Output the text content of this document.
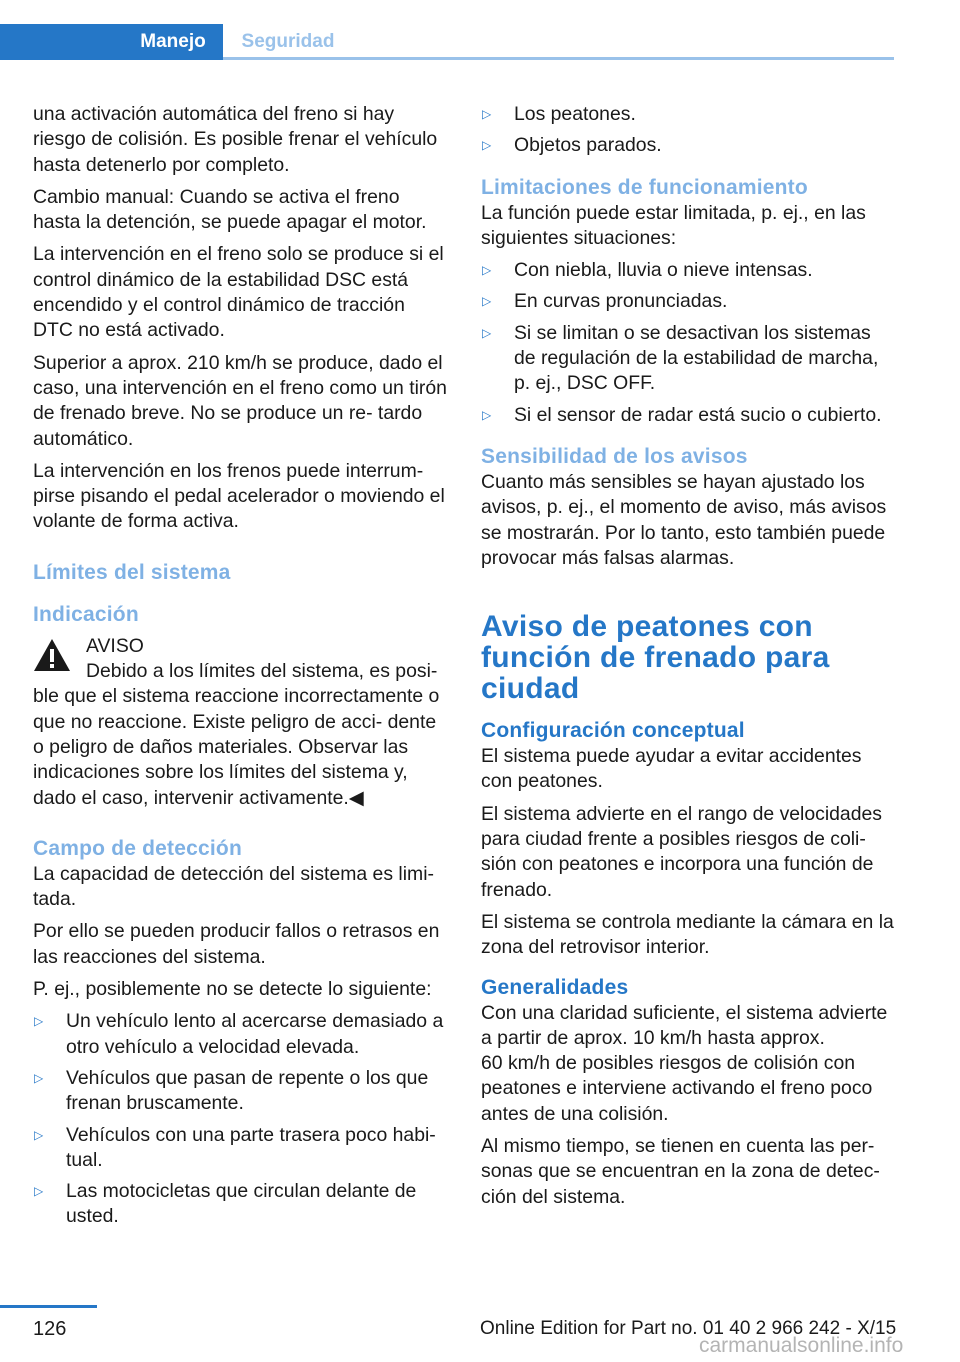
Manejo	Seguridad

una activación automática del freno si hay riesgo de colisión. Es posible frenar el vehículo hasta detenerlo por completo.

Cambio manual: Cuando se activa el freno hasta la detención, se puede apagar el motor.

La intervención en el freno solo se produce si el control dinámico de la estabilidad DSC está encendido y el control dinámico de tracción DTC no está activado.

Superior a aprox. 210 km/h se produce, dado el caso, una intervención en el freno como un tirón de frenado breve. No se produce un re‐ tardo automático.

La intervención en los frenos puede interrum‐ pirse pisando el pedal acelerador o moviendo el volante de forma activa.

Límites del sistema
Indicación
AVISO
Debido a los límites del sistema, es posi‐

ble que el sistema reaccione incorrectamente o que no reaccione. Existe peligro de acci‐ dente o peligro de daños materiales. Observar las indicaciones sobre los límites del sistema y, dado el caso, intervenir activamente.◀

Campo de detección

La capacidad de detección del sistema es limi‐ tada.

Por ello se pueden producir fallos o retrasos en las reacciones del sistema.

P. ej., posiblemente no se detecte lo siguiente:

▷ Un vehículo lento al acercarse demasiado a otro vehículo a velocidad elevada.
▷ Vehículos que pasan de repente o los que frenan bruscamente.
▷ Vehículos con una parte trasera poco habi‐ tual.
▷ Las motocicletas que circulan delante de usted.
▷ Los peatones.
▷ Objetos parados.
Limitaciones de funcionamiento

La función puede estar limitada, p. ej., en las siguientes situaciones:

▷ Con niebla, lluvia o nieve intensas.
▷ En curvas pronunciadas.
▷ Si se limitan o se desactivan los sistemas de regulación de la estabilidad de marcha, p. ej., DSC OFF.
▷ Si el sensor de radar está sucio o cubierto.
Sensibilidad de los avisos

Cuanto más sensibles se hayan ajustado los avisos, p. ej., el momento de aviso, más avisos se mostrarán. Por lo tanto, esto también puede provocar más falsas alarmas.

Aviso de peatones con función de frenado para ciudad
Configuración conceptual

El sistema puede ayudar a evitar accidentes con peatones.

El sistema advierte en el rango de velocidades para ciudad frente a posibles riesgos de coli‐ sión con peatones e incorpora una función de frenado.

El sistema se controla mediante la cámara en la zona del retrovisor interior.

Generalidades

Con una claridad suficiente, el sistema advierte a partir de aprox. 10 km/h hasta approx.

60 km/h de posibles riesgos de colisión con peatones e interviene activando el freno poco antes de una colisión.

Al mismo tiempo, se tienen en cuenta las per‐ sonas que se encuentran en la zona de detec‐ ción del sistema.

126	Online Edition for Part no. 01 40 2 966 242 - X/15
carmanualsonline.info
